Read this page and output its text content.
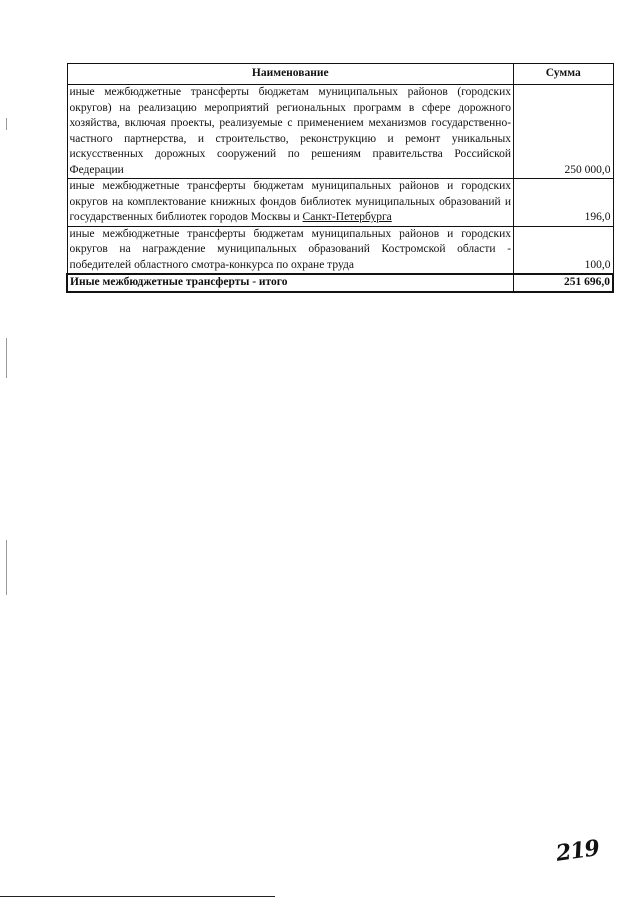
Наименование	Сумма
иные межбюджетные трансферты бюджетам муниципальных районов (городских округов) на реализацию мероприятий региональных программ в сфере дорожного хозяйства, включая проекты, реализуемые с применением механизмов государственно-частного партнерства, и строительство, реконструкцию и ремонт уникальных искусственных дорожных сооружений по решениям правительства Российской Федерации	250 000,0
иные межбюджетные трансферты бюджетам муниципальных районов и городских округов на комплектование книжных фондов библиотек муниципальных образований и государственных библиотек городов Москвы и Санкт-Петербурга	196,0
иные межбюджетные трансферты бюджетам муниципальных районов и городских округов на награждение муниципальных образований Костромской области - победителей областного смотра-конкурса по охране труда	100,0
Иные межбюджетные трансферты - итого	251 696,0
219
